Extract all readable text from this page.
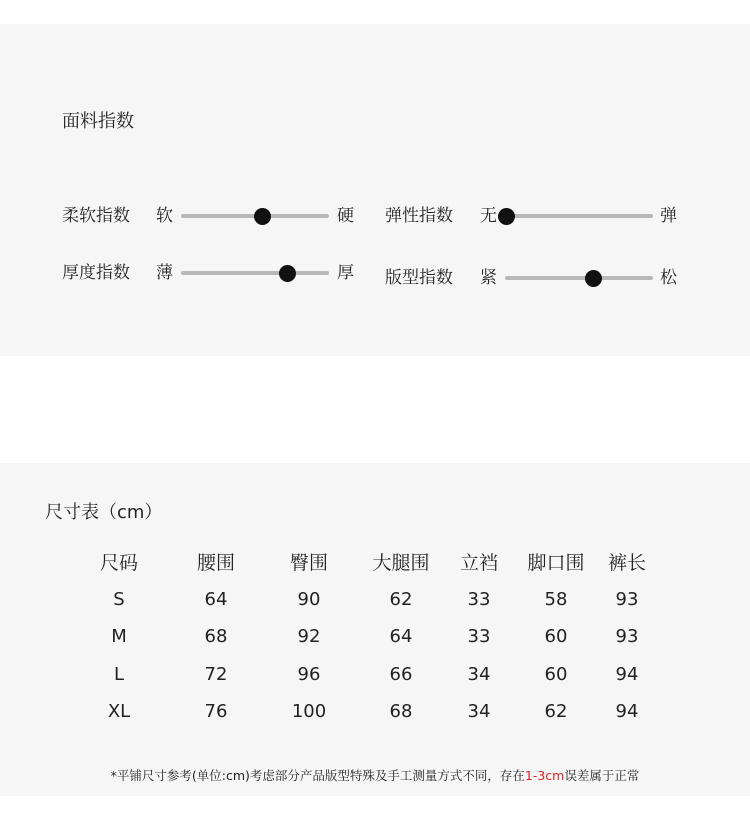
面料指数
柔软指数 软	硬 弹性指数 无	弹
厚度指数 薄	厚 版型指数 紧	松
尺寸表（cm）
尺码	腰围	臀围	大腿围	立裆	脚口围	裤长
S	64	90	62	33	58	93
M	68	92	64	33	60	93
L	72	96	66	34	60	94
XL	76	100	68	34	62	94
*平铺尺寸参考(单位:cm)考虑部分产品版型特殊及手工测量方式不同，存在1-3cm误差属于正常
